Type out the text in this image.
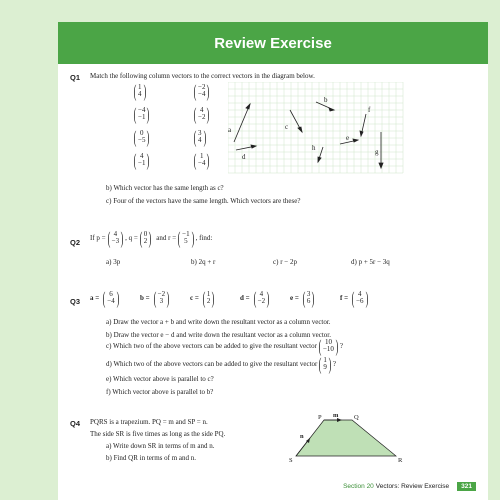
Review Exercise
Q1 Match the following column vectors to the correct vectors in the diagram below.
( 1
4 )	( −2
−4 )
( −4
−1 ) ( 4
−2 )
( 0
−5 ) ( 3
4 )
( 4
−1 ) ( 1
−4 )
a
b
c
d
e
f
g
h
b) Which vector has the same length as c?
c) Four of the vectors have the same length. Which vectors are these?
Q2 If p = ( 4
−3 ) , q = ( 0
2 ) and r = ( −1
5 ) , find:
a) 3p	b) 2q + r	c) r − 2p	d) p + 5r − 3q
Q3 a = ( 6
−4 )	b = ( −2
3 )	c = ( 1
2 )	d = ( 4
−2 )	e = ( 3
6 )	f = ( 4
−6 )
a) Draw the vector a + b and write down the resultant vector as a column vector.
b) Draw the vector e − d and write down the resultant vector as a column vector.
c) Which two of the above vectors can be added to give the resultant vector ( 10
−10 ) ?
d) Which two of the above vectors can be added to give the resultant vector ( 1
9 ) ?
e) Which vector above is parallel to c?
f) Which vector above is parallel to b?
Q4 PQRS is a trapezium. PQ = m and SP = n.
The side SR is five times as long as the side PQ.
a) Write down SR in terms of m and n.
b) Find QR in terms of m and n.
P	Q
R
S
m
n
Section 20 Vectors: Review Exercise	321
